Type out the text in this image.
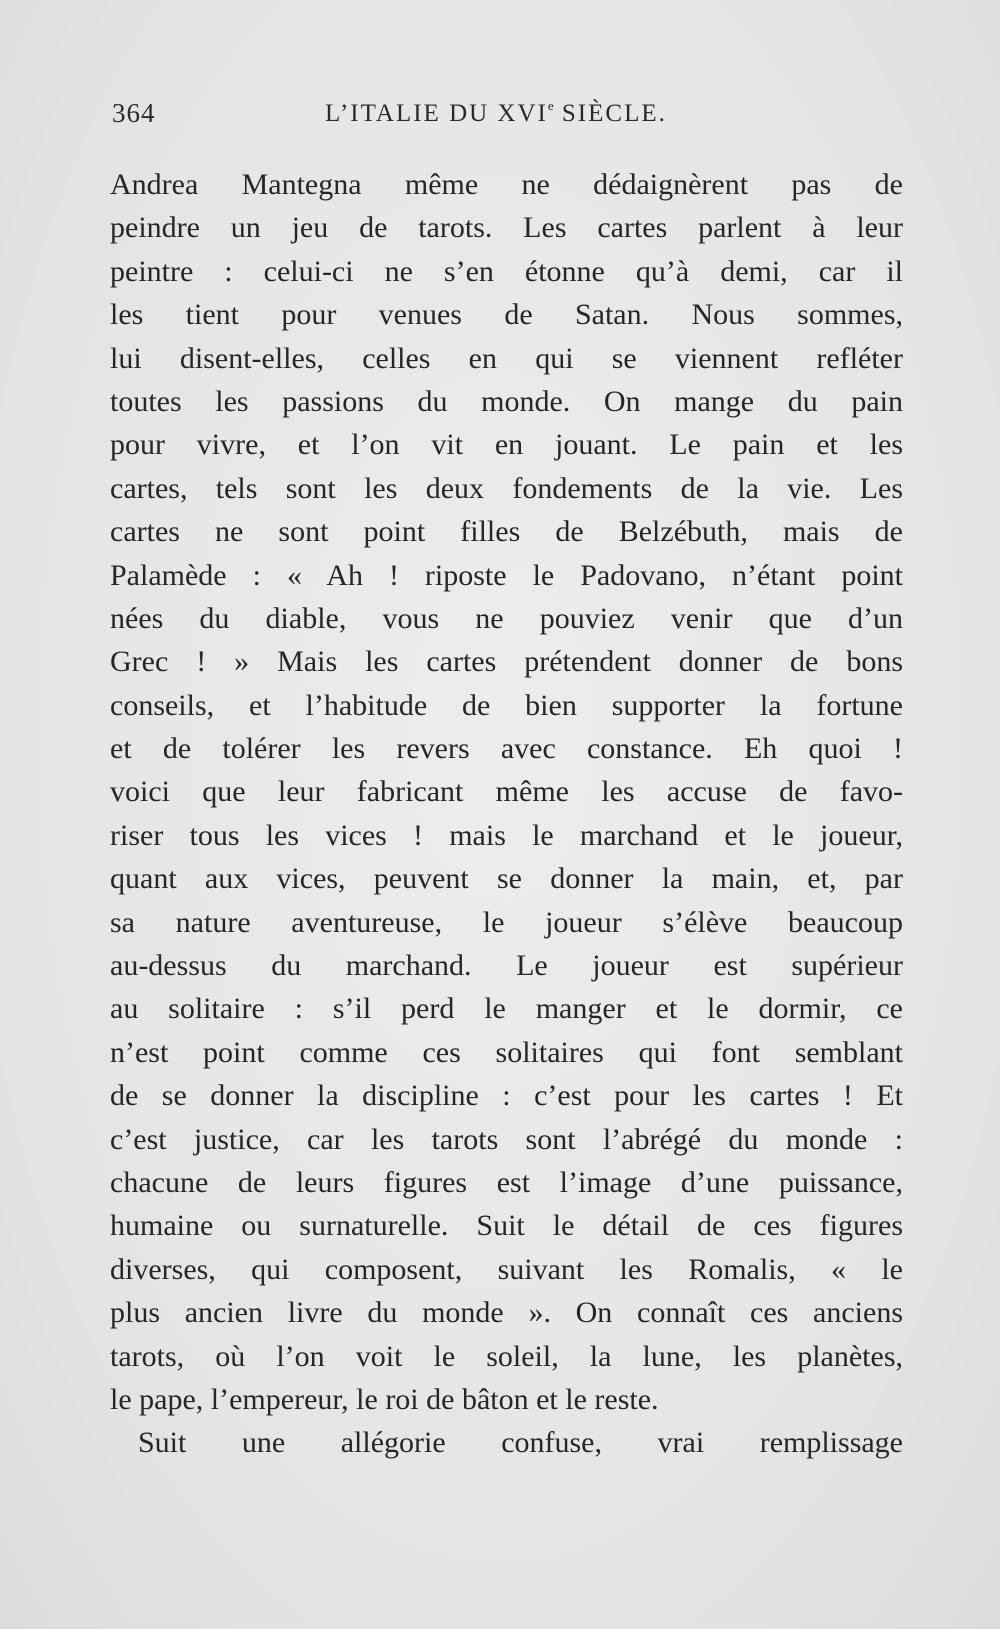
364	L’ITALIE DU XVIe SIÈCLE.
Andrea Mantegna même ne dédaignèrent pas de
peindre un jeu de tarots. Les cartes parlent à leur
peintre : celui-ci ne s’en étonne qu’à demi, car il
les tient pour venues de Satan. Nous sommes,
lui disent-elles, celles en qui se viennent refléter
toutes les passions du monde. On mange du pain
pour vivre, et l’on vit en jouant. Le pain et les
cartes, tels sont les deux fondements de la vie. Les
cartes ne sont point filles de Belzébuth, mais de
Palamède : « Ah ! riposte le Padovano, n’étant point
nées du diable, vous ne pouviez venir que d’un
Grec ! » Mais les cartes prétendent donner de bons
conseils, et l’habitude de bien supporter la fortune
et de tolérer les revers avec constance. Eh quoi !
voici que leur fabricant même les accuse de favo-
riser tous les vices ! mais le marchand et le joueur,
quant aux vices, peuvent se donner la main, et, par
sa nature aventureuse, le joueur s’élève beaucoup
au-dessus du marchand. Le joueur est supérieur
au solitaire : s’il perd le manger et le dormir, ce
n’est point comme ces solitaires qui font semblant
de se donner la discipline : c’est pour les cartes ! Et
c’est justice, car les tarots sont l’abrégé du monde :
chacune de leurs figures est l’image d’une puissance,
humaine ou surnaturelle. Suit le détail de ces figures
diverses, qui composent, suivant les Romalis, « le
plus ancien livre du monde ». On connaît ces anciens
tarots, où l’on voit le soleil, la lune, les planètes,
le pape, l’empereur, le roi de bâton et le reste.
Suit une allégorie confuse, vrai remplissage
